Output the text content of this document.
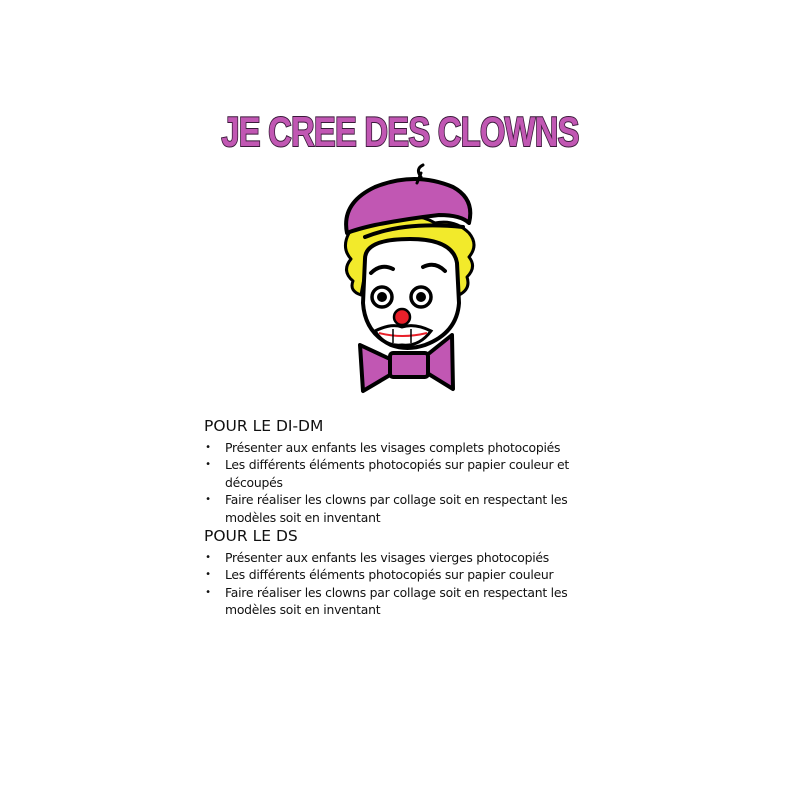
JE CREE DES CLOWNS
POUR LE DI-DM
• Présenter aux enfants les visages complets photocopiés
• Les différents éléments photocopiés sur papier couleur et découpés
• Faire réaliser les clowns par collage soit en respectant les modèles soit en inventant
POUR LE DS
• Présenter aux enfants les visages vierges photocopiés
• Les différents éléments photocopiés sur papier couleur
• Faire réaliser les clowns par collage soit en respectant les modèles soit en inventant
